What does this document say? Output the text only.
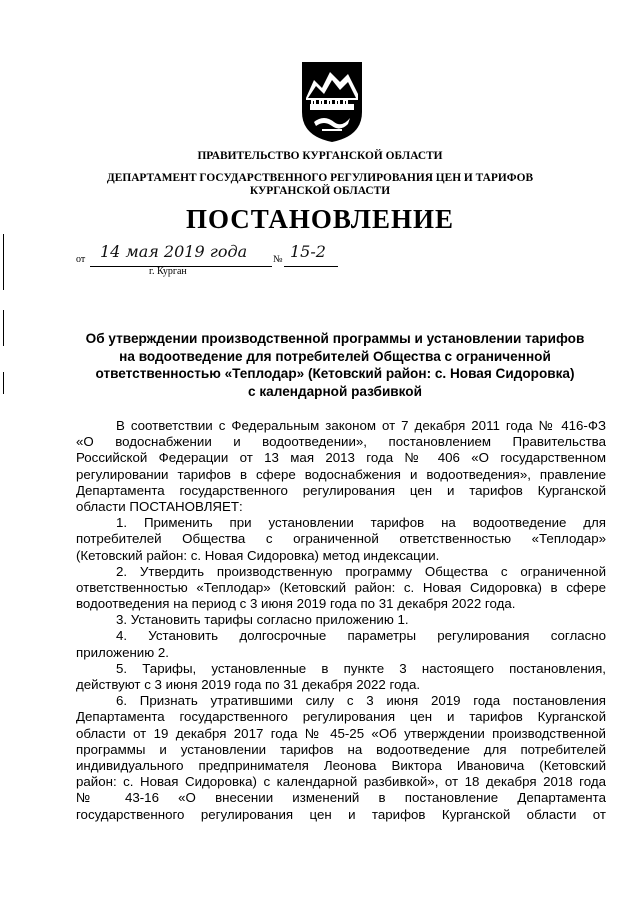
ПРАВИТЕЛЬСТВО КУРГАНСКОЙ ОБЛАСТИ
ДЕПАРТАМЕНТ ГОСУДАРСТВЕННОГО РЕГУЛИРОВАНИЯ ЦЕН И ТАРИФОВ
КУРГАНСКОЙ ОБЛАСТИ
ПОСТАНОВЛЕНИЕ
от 14 мая 2019 года	№ 15-2
г. Курган
Об утверждении производственной программы и установлении тарифов
на водоотведение для потребителей Общества с ограниченной
ответственностью «Теплодар» (Кетовский район: с. Новая Сидоровка)
с календарной разбивкой
В соответствии с Федеральным законом от 7 декабря 2011 года № 416-ФЗ
«О водоснабжении и водоотведении», постановлением Правительства
Российской Федерации от 13 мая 2013 года № 406 «О государственном
регулировании тарифов в сфере водоснабжения и водоотведения», правление
Департамента государственного регулирования цен и тарифов Курганской
области ПОСТАНОВЛЯЕТ:
1. Применить при установлении тарифов на водоотведение для
потребителей Общества с ограниченной ответственностью «Теплодар»
(Кетовский район: с. Новая Сидоровка) метод индексации.
2. Утвердить производственную программу Общества с ограниченной
ответственностью «Теплодар» (Кетовский район: с. Новая Сидоровка) в сфере
водоотведения на период с 3 июня 2019 года по 31 декабря 2022 года.
3. Установить тарифы согласно приложению 1.
4. Установить долгосрочные параметры регулирования согласно
приложению 2.
5. Тарифы, установленные в пункте 3 настоящего постановления,
действуют с 3 июня 2019 года по 31 декабря 2022 года.
6. Признать утратившими силу с 3 июня 2019 года постановления
Департамента государственного регулирования цен и тарифов Курганской
области от 19 декабря 2017 года № 45-25 «Об утверждении производственной
программы и установлении тарифов на водоотведение для потребителей
индивидуального предпринимателя Леонова Виктора Ивановича (Кетовский
район: с. Новая Сидоровка) с календарной разбивкой», от 18 декабря 2018 года
№ 43-16 «О внесении изменений в постановление Департамента
государственного регулирования цен и тарифов Курганской области от
